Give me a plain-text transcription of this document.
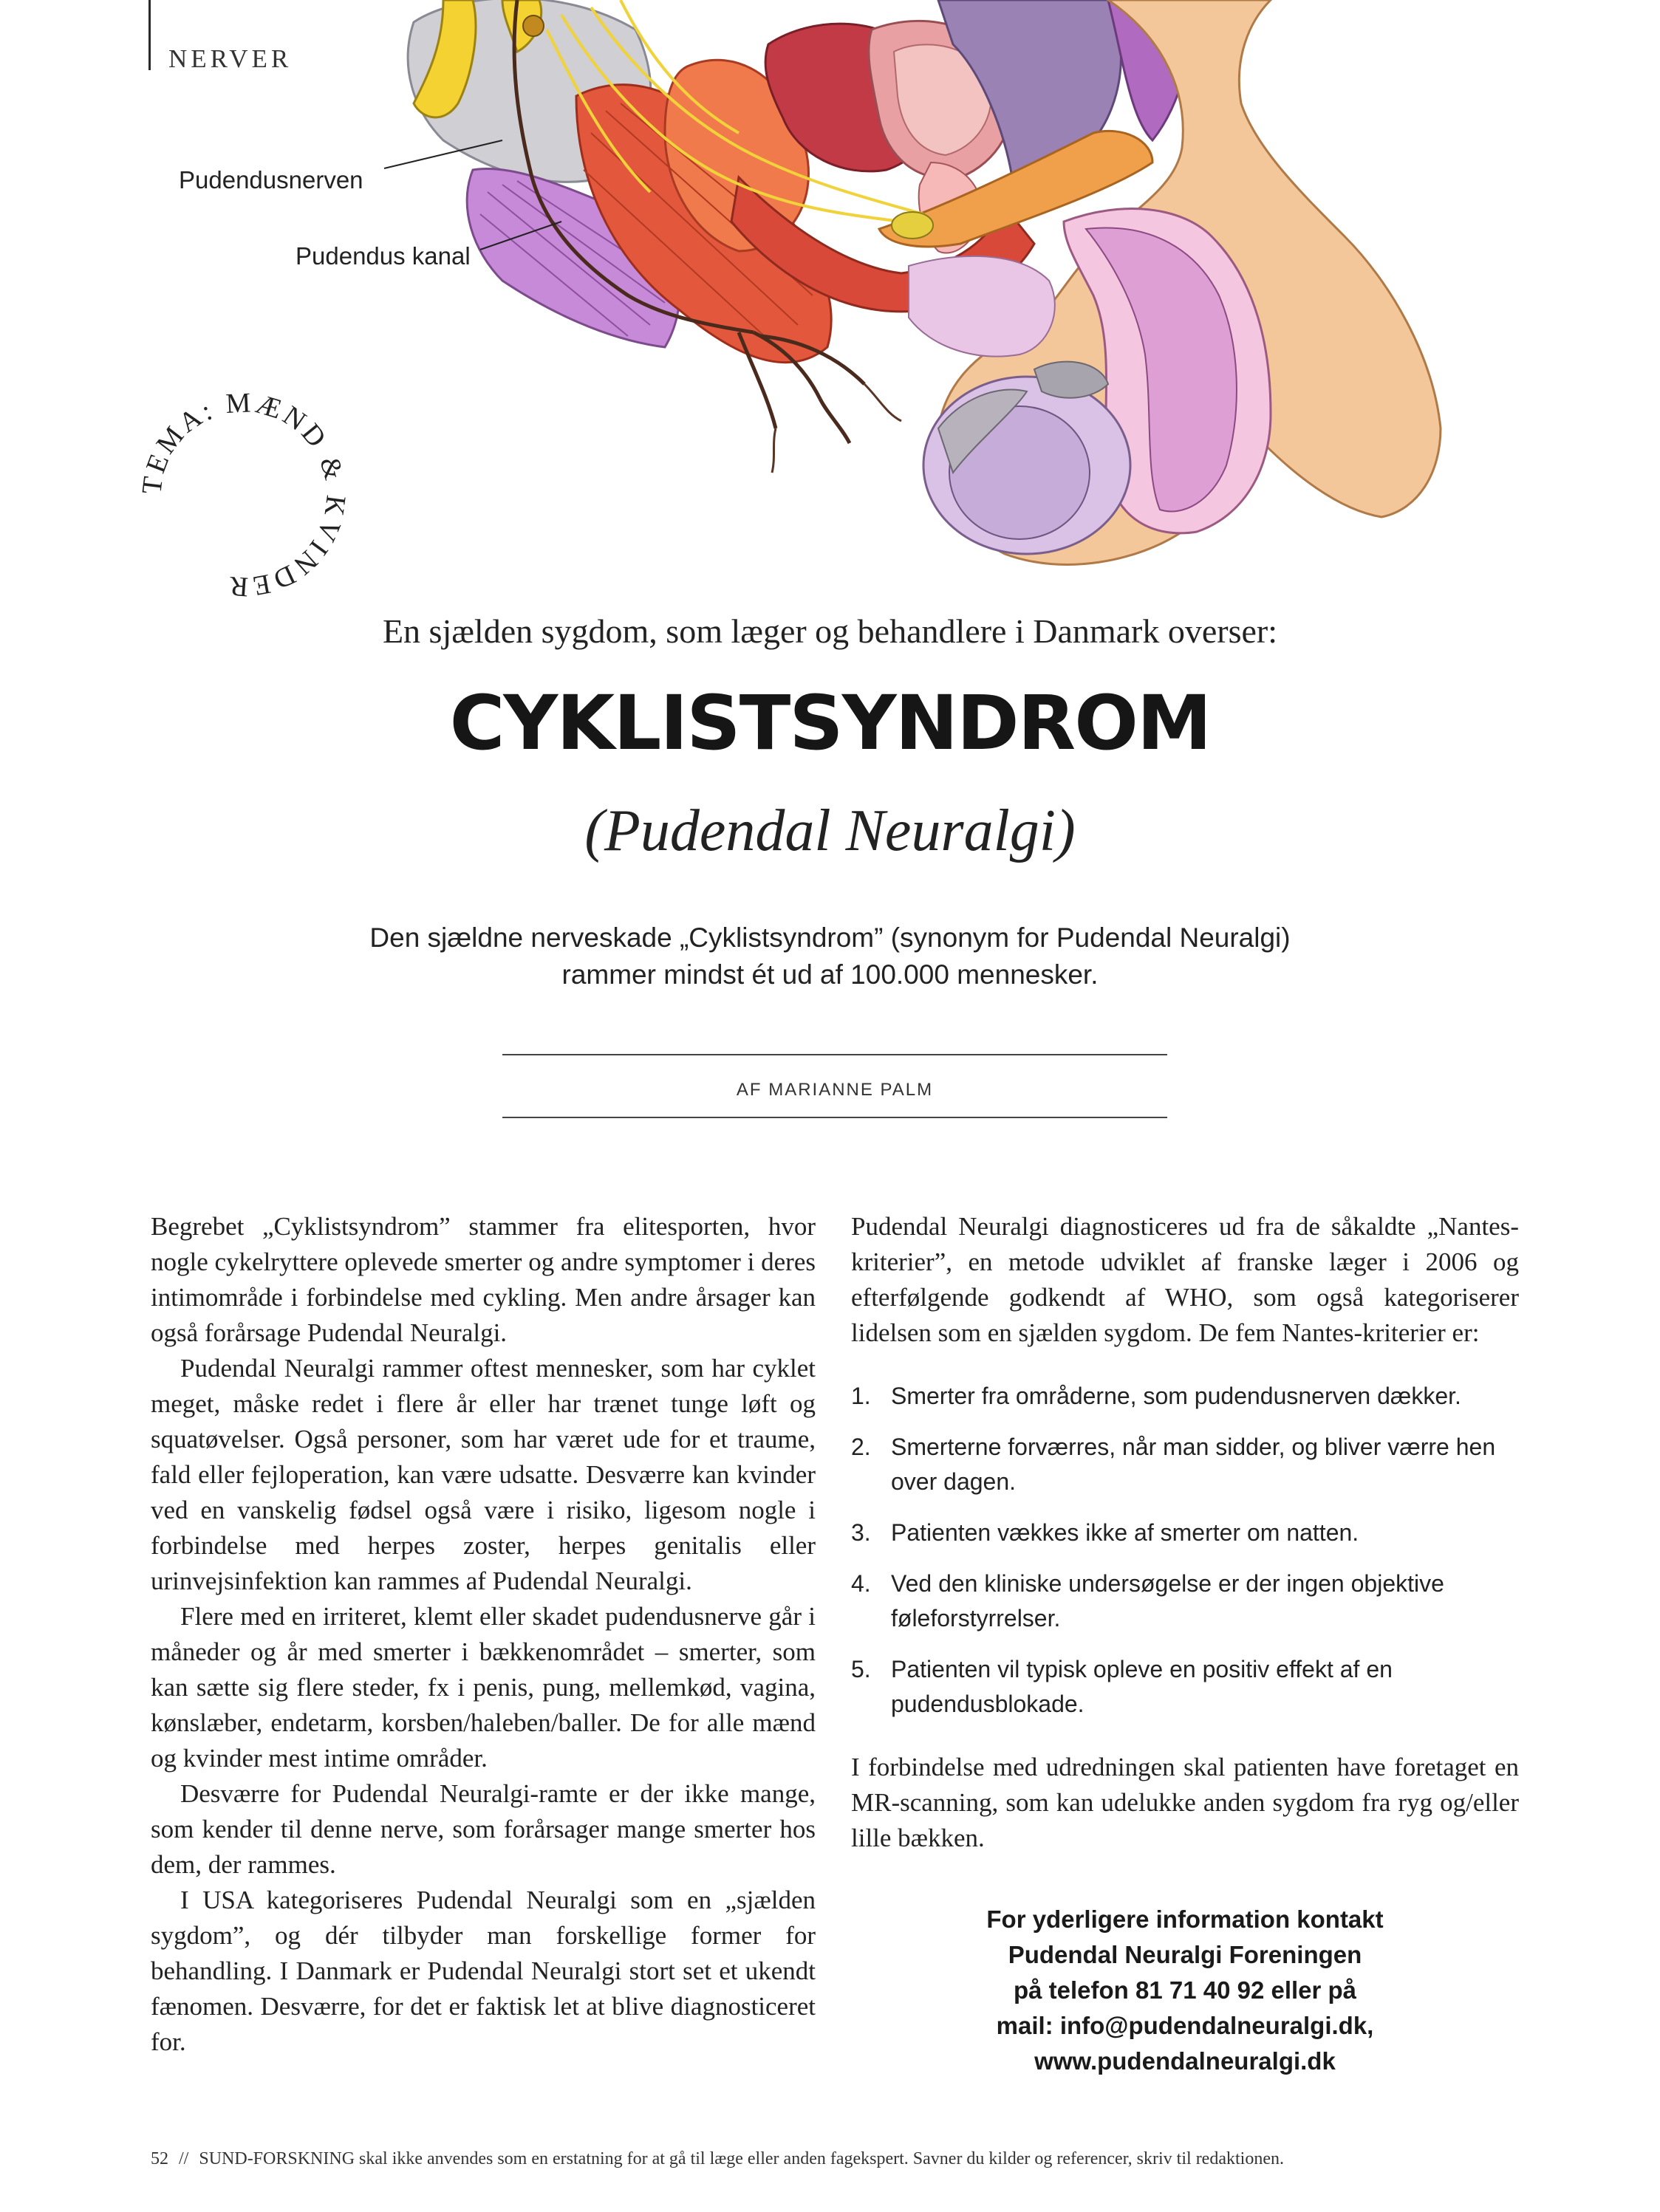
NERVER
Pudendusnerven
Pudendus kanal
TEMA: MÆND & KVINDER
En sjælden sygdom, som læger og behandlere i Danmark overser:
CYKLISTSYNDROM
(Pudendal Neuralgi)
Den sjældne nerveskade „Cyklistsyndrom” (synonym for Pudendal Neuralgi)
rammer mindst ét ud af 100.000 mennesker.
AF MARIANNE PALM

Begrebet „Cyklistsyndrom” stammer fra elitesporten, hvor nogle cykelryttere oplevede smerter og andre symptomer i deres intimområde i forbindelse med cykling. Men andre årsager kan også forårsage Pudendal Neuralgi.

Pudendal Neuralgi rammer oftest mennesker, som har cyklet meget, måske redet i flere år eller har trænet tunge løft og squatøvelser. Også personer, som har været ude for et traume, fald eller fejloperation, kan være udsatte. Desværre kan kvinder ved en vanskelig fødsel også være i risiko, ligesom nogle i forbindelse med herpes zoster, herpes genitalis eller urinvejsinfektion kan rammes af Pudendal Neuralgi.

Flere med en irriteret, klemt eller skadet pudendusnerve går i måneder og år med smerter i bækkenområdet – smerter, som kan sætte sig flere steder, fx i penis, pung, mellemkød, vagina, kønslæber, endetarm, korsben/haleben/baller. De for alle mænd og kvinder mest intime områder.

Desværre for Pudendal Neuralgi-ramte er der ikke mange, som kender til denne nerve, som forårsager mange smerter hos dem, der rammes.

I USA kategoriseres Pudendal Neuralgi som en „sjælden sygdom”, og dér tilbyder man forskellige former for behandling. I Danmark er Pudendal Neuralgi stort set et ukendt fænomen. Desværre, for det er faktisk let at blive diagnosticeret for.

Pudendal Neuralgi diagnosticeres ud fra de såkaldte „Nantes-kriterier”, en metode udviklet af franske læger i 2006 og efterfølgende godkendt af WHO, som også kategoriserer lidelsen som en sjælden sygdom. De fem Nantes-kriterier er:

1. Smerter fra områderne, som pudendusnerven dækker.
2. Smerterne forværres, når man sidder, og bliver værre hen over dagen.
3. Patienten vækkes ikke af smerter om natten.
4. Ved den kliniske undersøgelse er der ingen objektive føleforstyrrelser.
5. Patienten vil typisk opleve en positiv effekt af en pudendusblokade.

I forbindelse med udredningen skal patienten have foretaget en MR-scanning, som kan udelukke anden sygdom fra ryg og/eller lille bækken.

For yderligere information kontakt
Pudendal Neuralgi Foreningen
på telefon 81 71 40 92 eller på
mail: info@pudendalneuralgi.dk,
www.pudendalneuralgi.dk
52 // SUND-FORSKNING skal ikke anvendes som en erstatning for at gå til læge eller anden fagekspert. Savner du kilder og referencer, skriv til redaktionen.
